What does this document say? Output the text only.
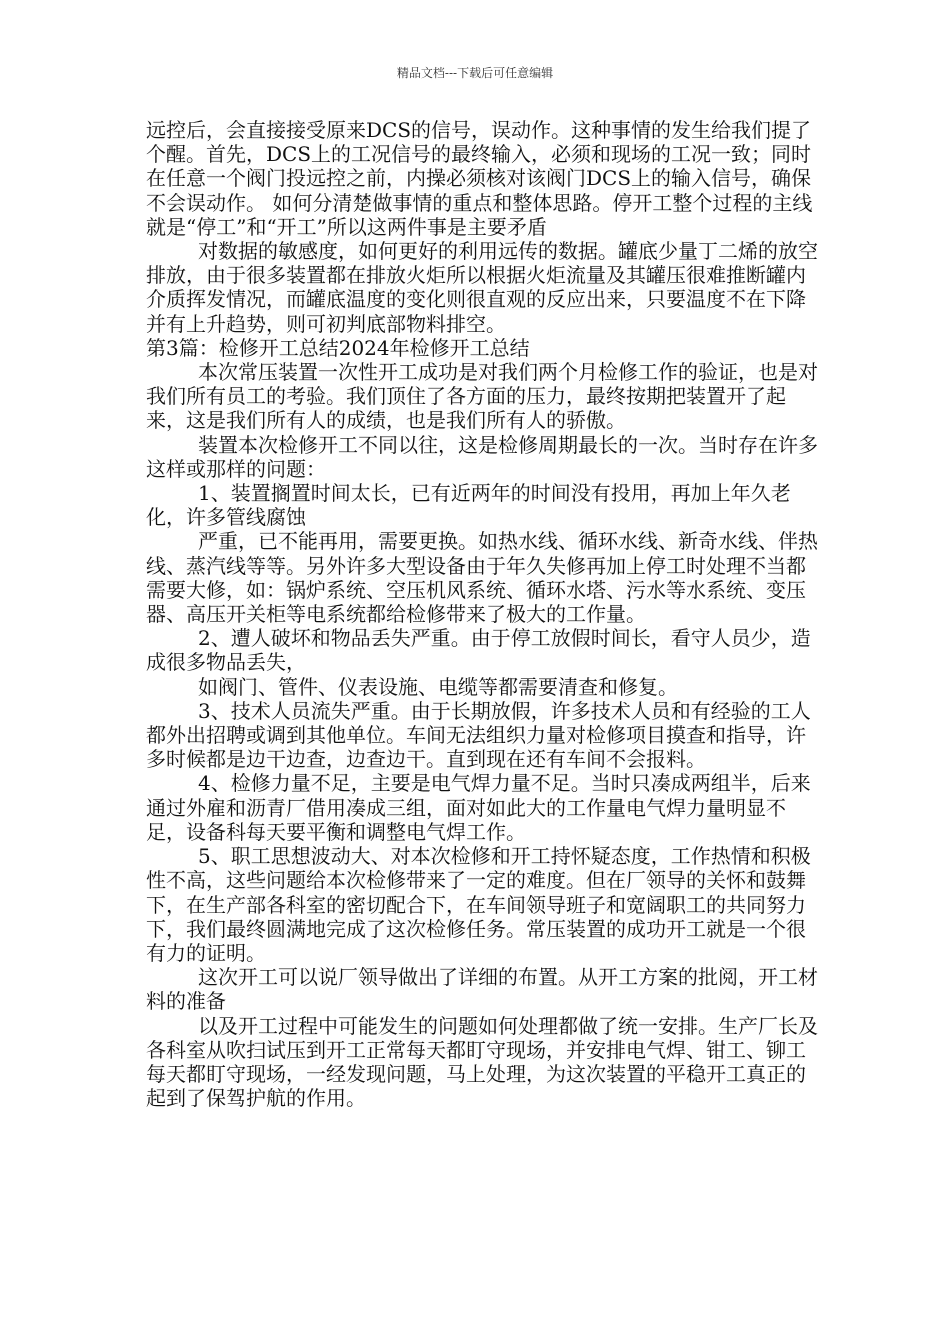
精品文档---下载后可任意编辑

远控后，会直接接受原来DCS的信号，误动作。这种事情的发生给我们提了个醒。首先，DCS上的工况信号的最终输入，必须和现场的工况一致；同时在任意一个阀门投远控之前，内操必须核对该阀门DCS上的输入信号，确保不会误动作。 如何分清楚做事情的重点和整体思路。停开工整个过程的主线就是“停工”和“开工”所以这两件事是主要矛盾

对数据的敏感度，如何更好的利用远传的数据。罐底少量丁二烯的放空排放，由于很多装置都在排放火炬所以根据火炬流量及其罐压很难推断罐内介质挥发情况，而罐底温度的变化则很直观的反应出来，只要温度不在下降并有上升趋势，则可初判底部物料排空。

第3篇：检修开工总结2024年检修开工总结

本次常压装置一次性开工成功是对我们两个月检修工作的验证，也是对我们所有员工的考验。我们顶住了各方面的压力，最终按期把装置开了起来，这是我们所有人的成绩，也是我们所有人的骄傲。

装置本次检修开工不同以往，这是检修周期最长的一次。当时存在许多这样或那样的问题：

1、装置搁置时间太长，已有近两年的时间没有投用，再加上年久老化，许多管线腐蚀

严重，已不能再用，需要更换。如热水线、循环水线、新奇水线、伴热线、蒸汽线等等。另外许多大型设备由于年久失修再加上停工时处理不当都需要大修，如：锅炉系统、空压机风系统、循环水塔、污水等水系统、变压器、高压开关柜等电系统都给检修带来了极大的工作量。

2、遭人破坏和物品丢失严重。由于停工放假时间长，看守人员少，造成很多物品丢失，

如阀门、管件、仪表设施、电缆等都需要清查和修复。

3、技术人员流失严重。由于长期放假，许多技术人员和有经验的工人都外出招聘或调到其他单位。车间无法组织力量对检修项目摸查和指导，许多时候都是边干边查，边查边干。直到现在还有车间不会报料。

4、检修力量不足，主要是电气焊力量不足。当时只凑成两组半，后来通过外雇和沥青厂借用凑成三组，面对如此大的工作量电气焊力量明显不足，设备科每天要平衡和调整电气焊工作。

5、职工思想波动大、对本次检修和开工持怀疑态度，工作热情和积极性不高，这些问题给本次检修带来了一定的难度。但在厂领导的关怀和鼓舞下，在生产部各科室的密切配合下，在车间领导班子和宽阔职工的共同努力下，我们最终圆满地完成了这次检修任务。常压装置的成功开工就是一个很有力的证明。

这次开工可以说厂领导做出了详细的布置。从开工方案的批阅，开工材料的准备

以及开工过程中可能发生的问题如何处理都做了统一安排。生产厂长及各科室从吹扫试压到开工正常每天都盯守现场，并安排电气焊、钳工、铆工每天都盯守现场，一经发现问题，马上处理，为这次装置的平稳开工真正的起到了保驾护航的作用。
